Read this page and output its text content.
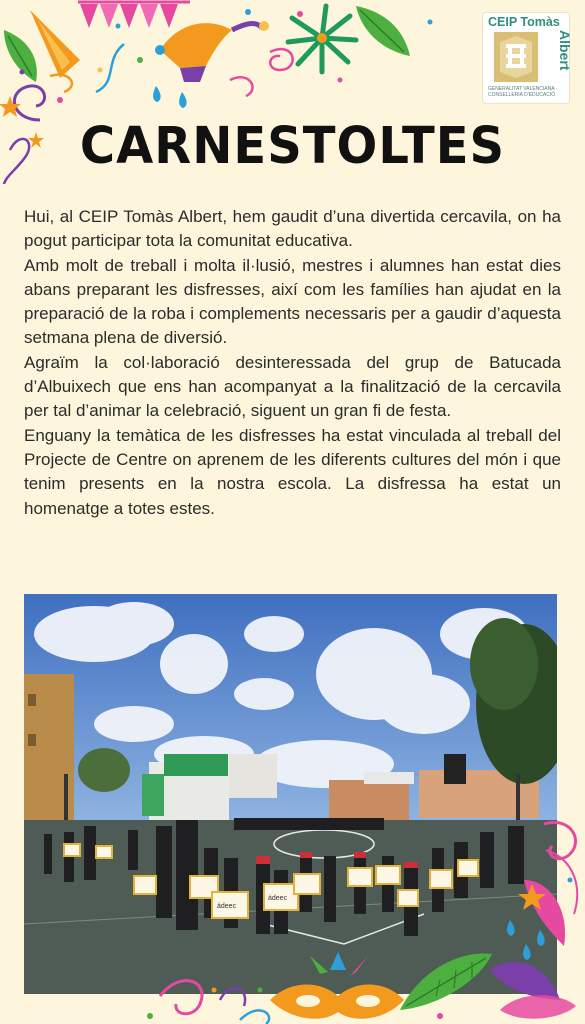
CEIP Tomàs
Albert
GENERALITAT VALENCIANA · CONSELLERIA D'EDUCACIÓ
CARNESTOLTES

Hui, al CEIP Tomàs Albert, hem gaudit d’una divertida cercavila, on ha pogut participar tota la comunitat educativa.

Amb molt de treball i molta il·lusió, mestres i alumnes han estat dies abans preparant les disfresses, així com les famílies han ajudat en la preparació de la roba i complements necessaris per a gaudir d’aquesta setmana plena de diversió.

Agraïm la col·laboració desinteressada del grup de Batucada d’Albuixech que ens han acompanyat a la finalització de la cercavila per tal d’animar la celebració, siguent un gran fi de festa.

Enguany la temàtica de les disfresses ha estat vinculada al treball del Projecte de Centre on aprenem de les diferents cultures del món i que tenim presents en la nostra escola. La disfressa ha estat un homenatge a totes estes.

ádeec
ádeec
